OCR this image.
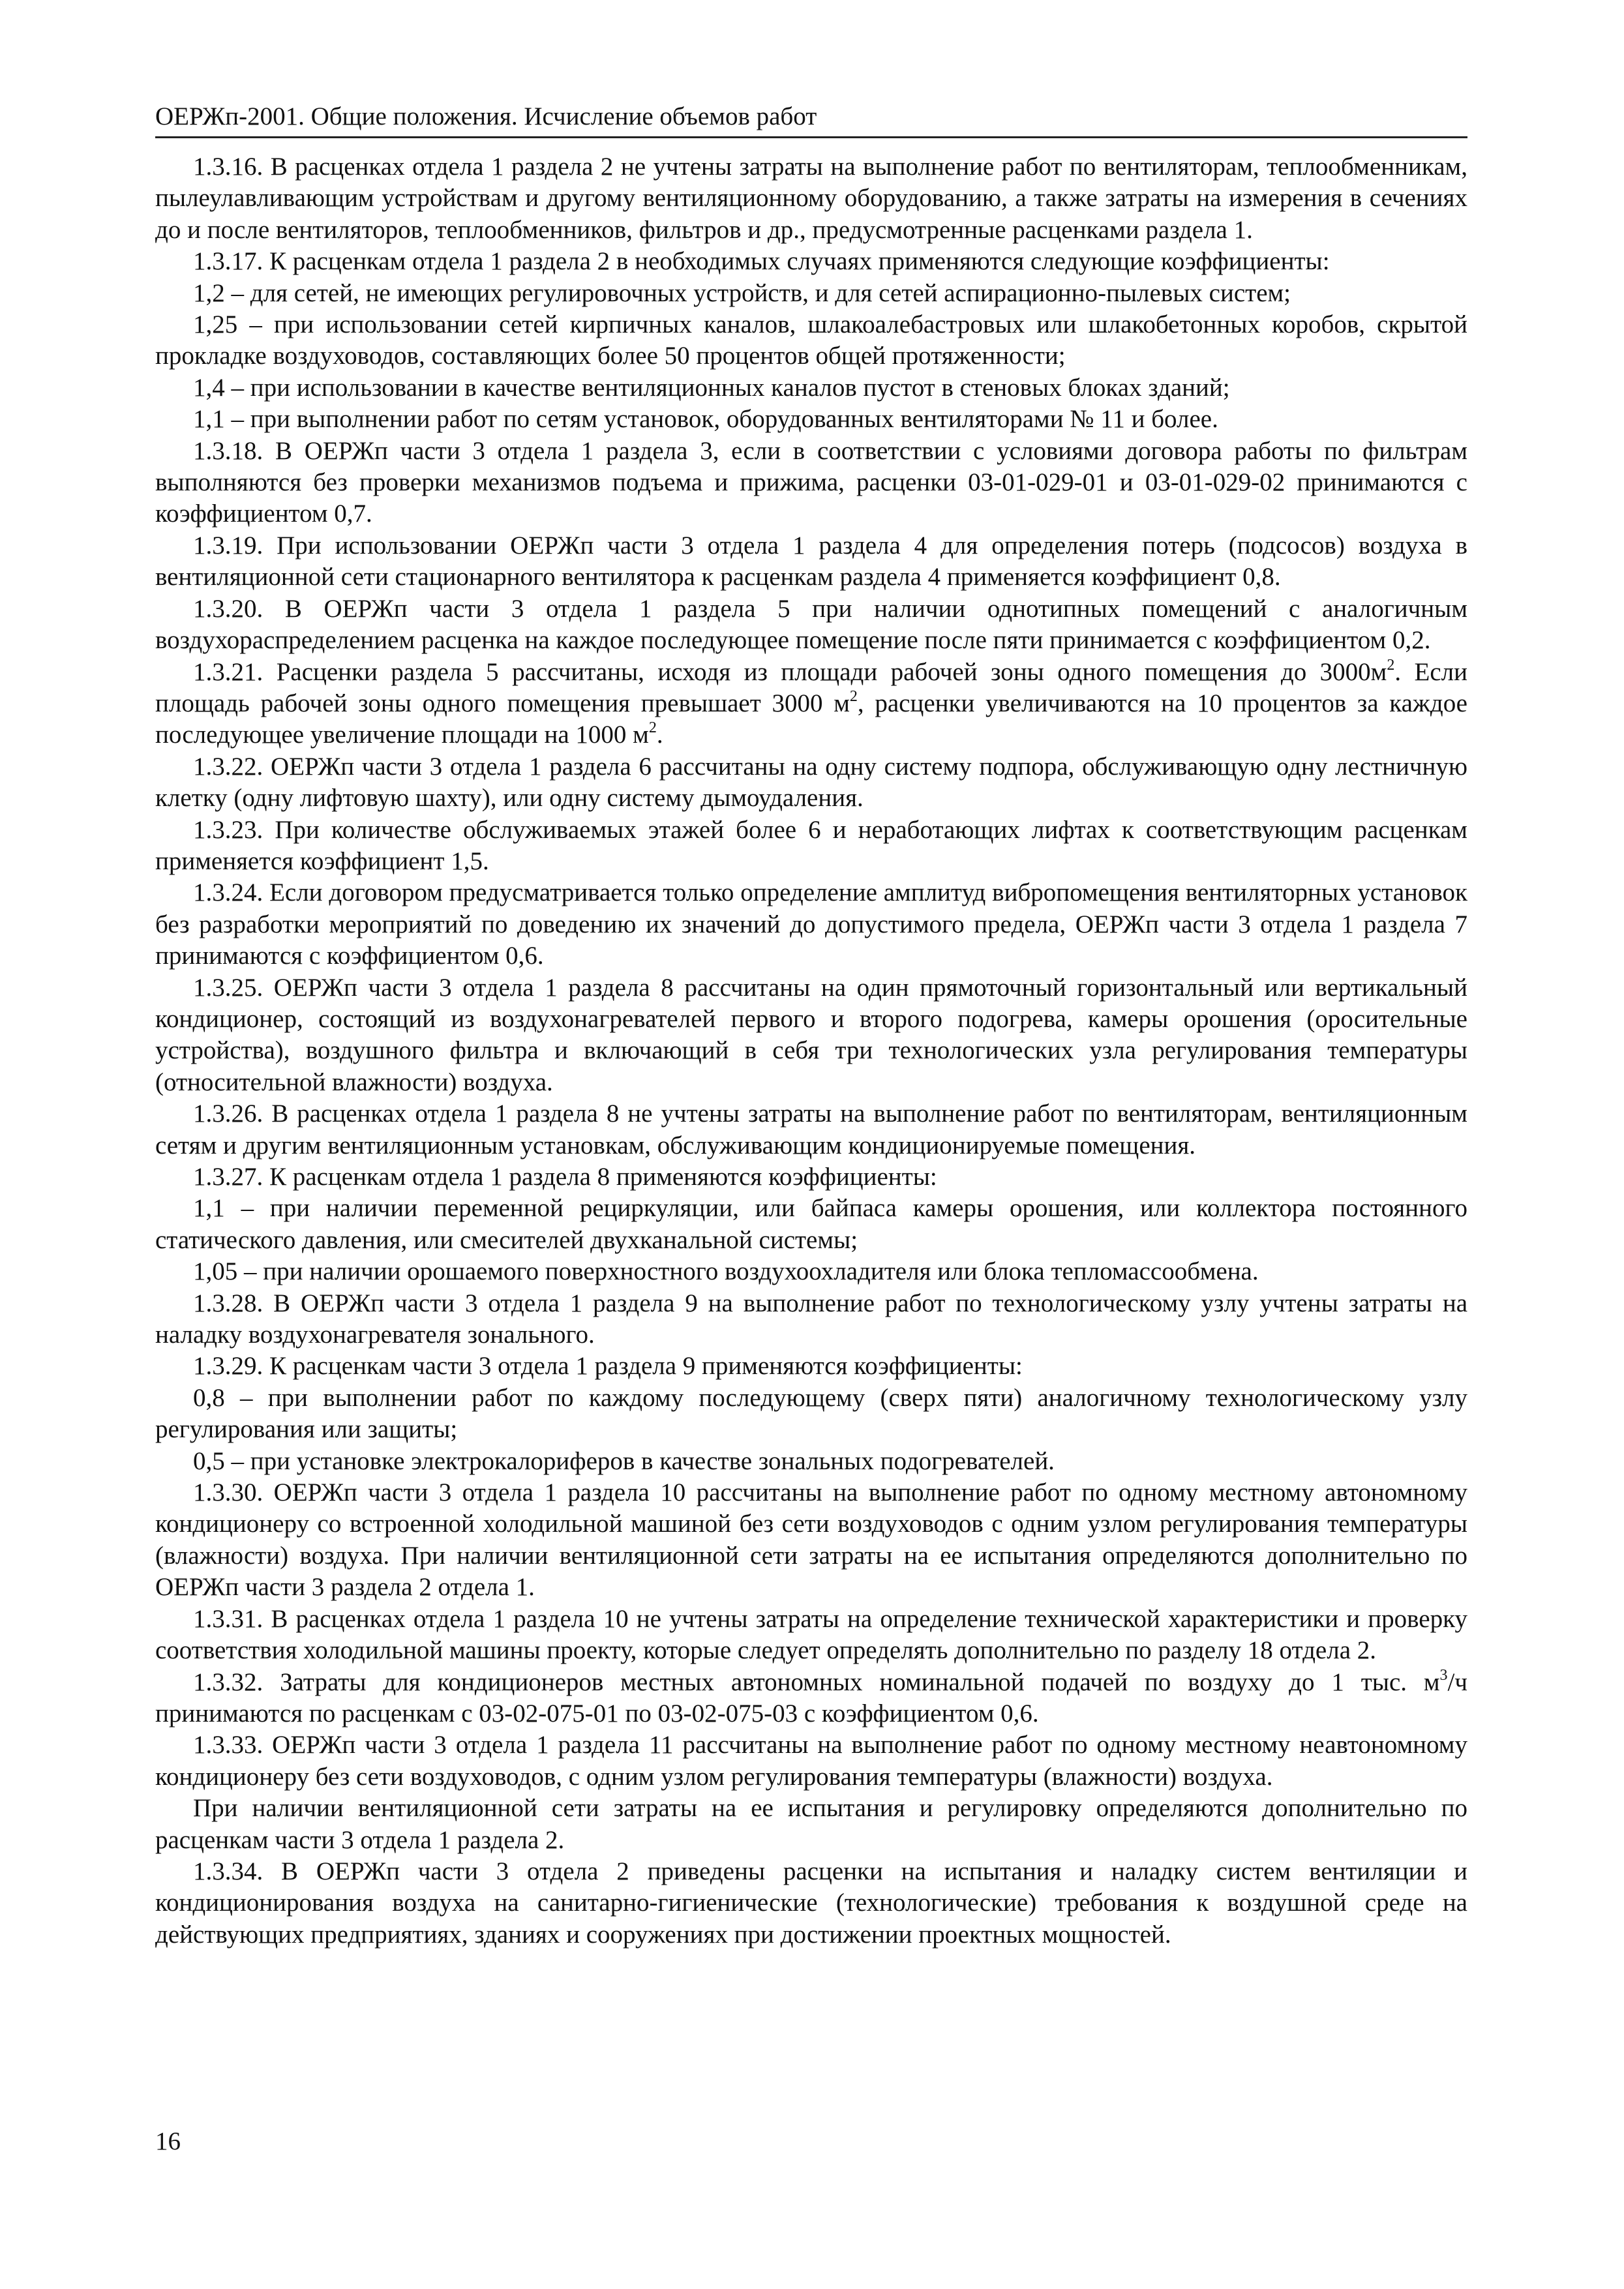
ОЕРЖп-2001. Общие положения. Исчисление объемов работ

1.3.16. В расценках отдела 1 раздела 2 не учтены затраты на выполнение работ по вентиляторам, теплообменникам, пылеулавливающим устройствам и другому вентиляционному оборудованию, а также затраты на измерения в сечениях до и после вентиляторов, теплообменников, фильтров и др., предусмотренные расценками раздела 1.

1.3.17. К расценкам отдела 1 раздела 2 в необходимых случаях применяются следующие коэффициенты:

1,2 – для сетей, не имеющих регулировочных устройств, и для сетей аспирационно-пылевых систем;

1,25 – при использовании сетей кирпичных каналов, шлакоалебастровых или шлакобетонных коробов, скрытой прокладке воздуховодов, составляющих более 50 процентов общей протяженности;

1,4 – при использовании в качестве вентиляционных каналов пустот в стеновых блоках зданий;

1,1 – при выполнении работ по сетям установок, оборудованных вентиляторами № 11 и более.

1.3.18. В ОЕРЖп части 3 отдела 1 раздела 3, если в соответствии с условиями договора работы по фильтрам выполняются без проверки механизмов подъема и прижима, расценки 03-01-029-01 и 03-01-029-02 принимаются с коэффициентом 0,7.

1.3.19. При использовании ОЕРЖп части 3 отдела 1 раздела 4 для определения потерь (подсосов) воздуха в вентиляционной сети стационарного вентилятора к расценкам раздела 4 применяется коэффициент 0,8.

1.3.20. В ОЕРЖп части 3 отдела 1 раздела 5 при наличии однотипных помещений с аналогичным воздухораспределением расценка на каждое последующее помещение после пяти принимается с коэффициентом 0,2.

1.3.21. Расценки раздела 5 рассчитаны, исходя из площади рабочей зоны одного помещения до $3000м^2$. Если площадь рабочей зоны одного помещения превышает 3000 $м^2$, расценки увеличиваются на 10 процентов за каждое последующее увеличение площади на 1000 $м^2$.

1.3.22. ОЕРЖп части 3 отдела 1 раздела 6 рассчитаны на одну систему подпора, обслуживающую одну лестничную клетку (одну лифтовую шахту), или одну систему дымоудаления.

1.3.23. При количестве обслуживаемых этажей более 6 и неработающих лифтах к соответствующим расценкам применяется коэффициент 1,5.

1.3.24. Если договором предусматривается только определение амплитуд вибропомещения вентиляторных установок без разработки мероприятий по доведению их значений до допустимого предела, ОЕРЖп части 3 отдела 1 раздела 7 принимаются с коэффициентом 0,6.

1.3.25. ОЕРЖп части 3 отдела 1 раздела 8 рассчитаны на один прямоточный горизонтальный или вертикальный кондиционер, состоящий из воздухонагревателей первого и второго подогрева, камеры орошения (оросительные устройства), воздушного фильтра и включающий в себя три технологических узла регулирования температуры (относительной влажности) воздуха.

1.3.26. В расценках отдела 1 раздела 8 не учтены затраты на выполнение работ по вентиляторам, вентиляционным сетям и другим вентиляционным установкам, обслуживающим кондиционируемые помещения.

1.3.27. К расценкам отдела 1 раздела 8 применяются коэффициенты:

1,1 – при наличии переменной рециркуляции, или байпаса камеры орошения, или коллектора постоянного статического давления, или смесителей двухканальной системы;

1,05 – при наличии орошаемого поверхностного воздухоохладителя или блока тепломассообмена.

1.3.28. В ОЕРЖп части 3 отдела 1 раздела 9 на выполнение работ по технологическому узлу учтены затраты на наладку воздухонагревателя зонального.

1.3.29. К расценкам части 3 отдела 1 раздела 9 применяются коэффициенты:

0,8 – при выполнении работ по каждому последующему (сверх пяти) аналогичному технологическому узлу регулирования или защиты;

0,5 – при установке электрокалориферов в качестве зональных подогревателей.

1.3.30. ОЕРЖп части 3 отдела 1 раздела 10 рассчитаны на выполнение работ по одному местному автономному кондиционеру со встроенной холодильной машиной без сети воздуховодов с одним узлом регулирования температуры (влажности) воздуха. При наличии вентиляционной сети затраты на ее испытания определяются дополнительно по ОЕРЖп части 3 раздела 2 отдела 1.

1.3.31. В расценках отдела 1 раздела 10 не учтены затраты на определение технической характеристики и проверку соответствия холодильной машины проекту, которые следует определять дополнительно по разделу 18 отдела 2.

1.3.32. Затраты для кондиционеров местных автономных номинальной подачей по воздуху до 1 тыс. $м^3/ч$ принимаются по расценкам с 03-02-075-01 по 03-02-075-03 с коэффициентом 0,6.

1.3.33. ОЕРЖп части 3 отдела 1 раздела 11 рассчитаны на выполнение работ по одному местному неавтономному кондиционеру без сети воздуховодов, с одним узлом регулирования температуры (влажности) воздуха.

При наличии вентиляционной сети затраты на ее испытания и регулировку определяются дополнительно по расценкам части 3 отдела 1 раздела 2.

1.3.34. В ОЕРЖп части 3 отдела 2 приведены расценки на испытания и наладку систем вентиляции и кондиционирования воздуха на санитарно-гигиенические (технологические) требования к воздушной среде на действующих предприятиях, зданиях и сооружениях при достижении проектных мощностей.

16
